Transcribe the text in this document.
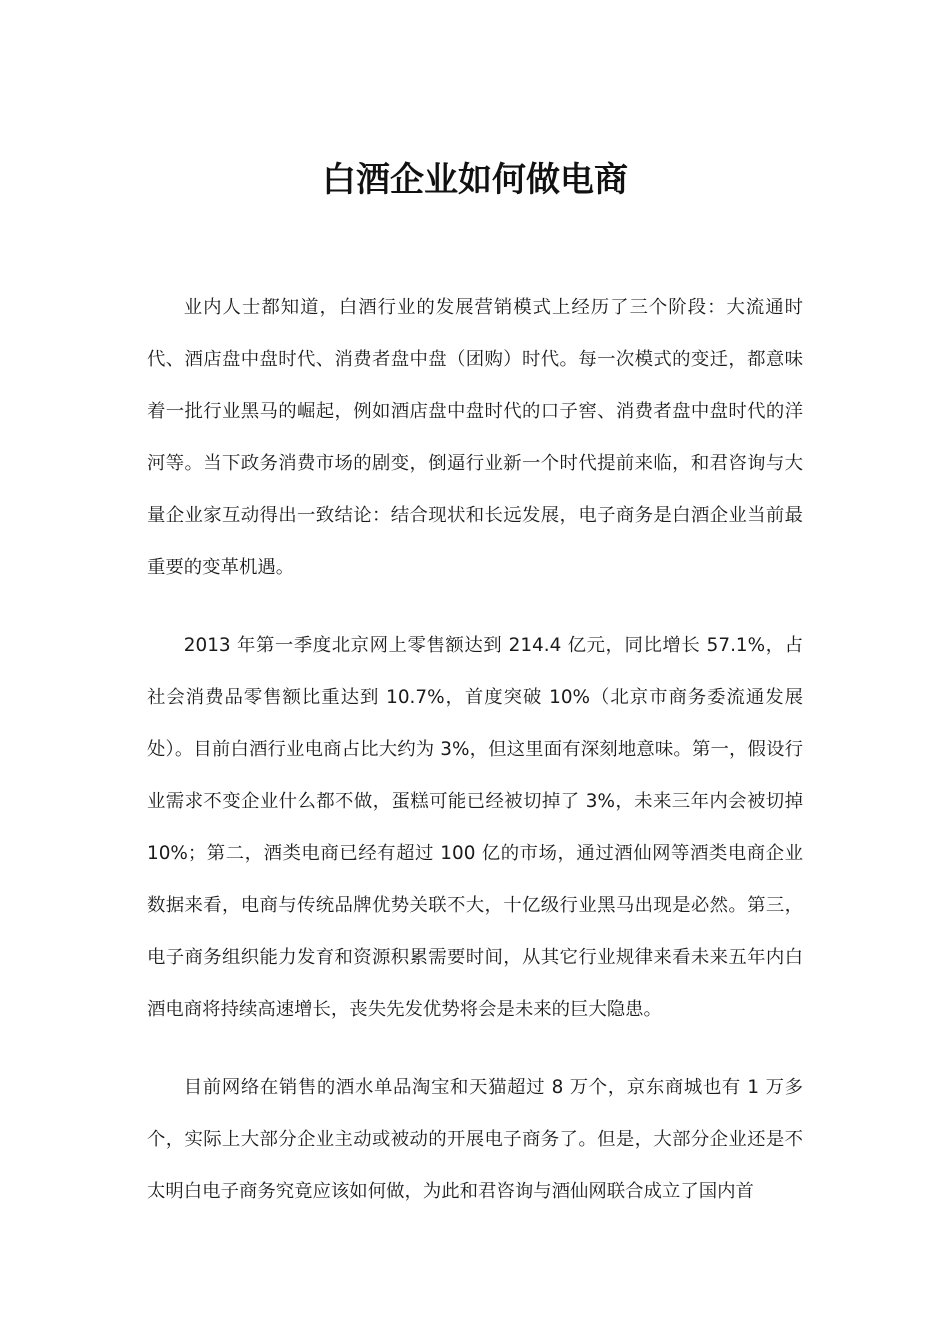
白酒企业如何做电商

业内人士都知道，白酒行业的发展营销模式上经历了三个阶段：大流通时代、酒店盘中盘时代、消费者盘中盘（团购）时代。每一次模式的变迁，都意味着一批行业黑马的崛起，例如酒店盘中盘时代的口子窖、消费者盘中盘时代的洋河等。当下政务消费市场的剧变，倒逼行业新一个时代提前来临，和君咨询与大量企业家互动得出一致结论：结合现状和长远发展，电子商务是白酒企业当前最重要的变革机遇。

2013 年第一季度北京网上零售额达到 214.4 亿元，同比增长 57.1%，占社会消费品零售额比重达到 10.7%，首度突破 10%（北京市商务委流通发展处）。目前白酒行业电商占比大约为 3%，但这里面有深刻地意味。第一，假设行业需求不变企业什么都不做，蛋糕可能已经被切掉了 3%，未来三年内会被切掉 10%；第二，酒类电商已经有超过 100 亿的市场，通过酒仙网等酒类电商企业数据来看，电商与传统品牌优势关联不大，十亿级行业黑马出现是必然。第三，电子商务组织能力发育和资源积累需要时间，从其它行业规律来看未来五年内白酒电商将持续高速增长，丧失先发优势将会是未来的巨大隐患。

目前网络在销售的酒水单品淘宝和天猫超过 8 万个，京东商城也有 1 万多个，实际上大部分企业主动或被动的开展电子商务了。但是，大部分企业还是不太明白电子商务究竟应该如何做，为此和君咨询与酒仙网联合成立了国内首
